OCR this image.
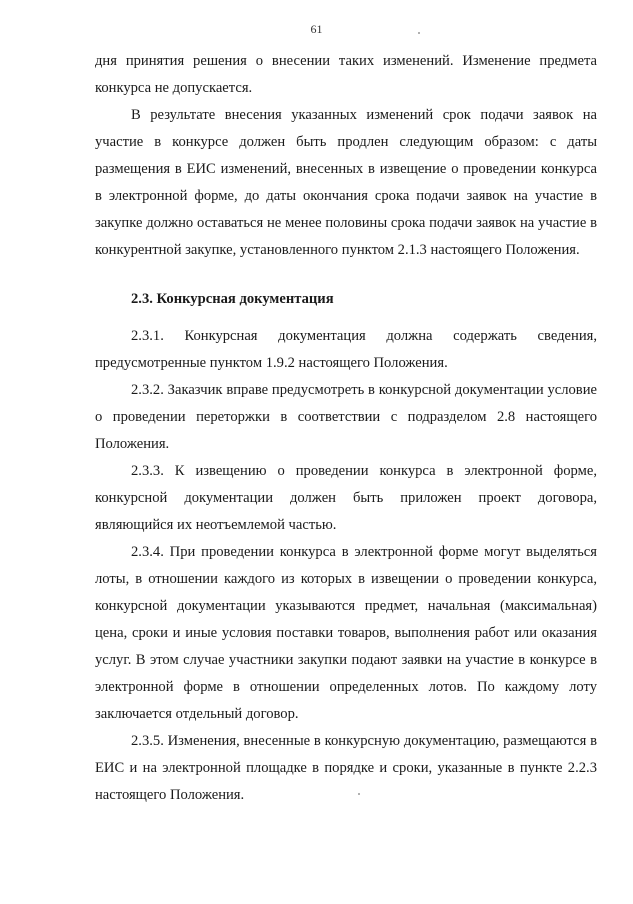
61

дня принятия решения о внесении таких изменений. Изменение предмета конкурса не допускается.

В результате внесения указанных изменений срок подачи заявок на участие в конкурсе должен быть продлен следующим образом: с даты размещения в ЕИС изменений, внесенных в извещение о проведении конкурса в электронной форме, до даты окончания срока подачи заявок на участие в закупке должно оставаться не менее половины срока подачи заявок на участие в конкурентной закупке, установленного пунктом 2.1.3 настоящего Положения.

2.3. Конкурсная документация

2.3.1. Конкурсная документация должна содержать сведения, предусмотренные пунктом 1.9.2 настоящего Положения.

2.3.2. Заказчик вправе предусмотреть в конкурсной документации условие о проведении переторжки в соответствии с подразделом 2.8 настоящего Положения.

2.3.3. К извещению о проведении конкурса в электронной форме, конкурсной документации должен быть приложен проект договора, являющийся их неотъемлемой частью.

2.3.4. При проведении конкурса в электронной форме могут выделяться лоты, в отношении каждого из которых в извещении о проведении конкурса, конкурсной документации указываются предмет, начальная (максимальная) цена, сроки и иные условия поставки товаров, выполнения работ или оказания услуг. В этом случае участники закупки подают заявки на участие в конкурсе в электронной форме в отношении определенных лотов. По каждому лоту заключается отдельный договор.

2.3.5. Изменения, внесенные в конкурсную документацию, размещаются в ЕИС и на электронной площадке в порядке и сроки, указанные в пункте 2.2.3 настоящего Положения.
